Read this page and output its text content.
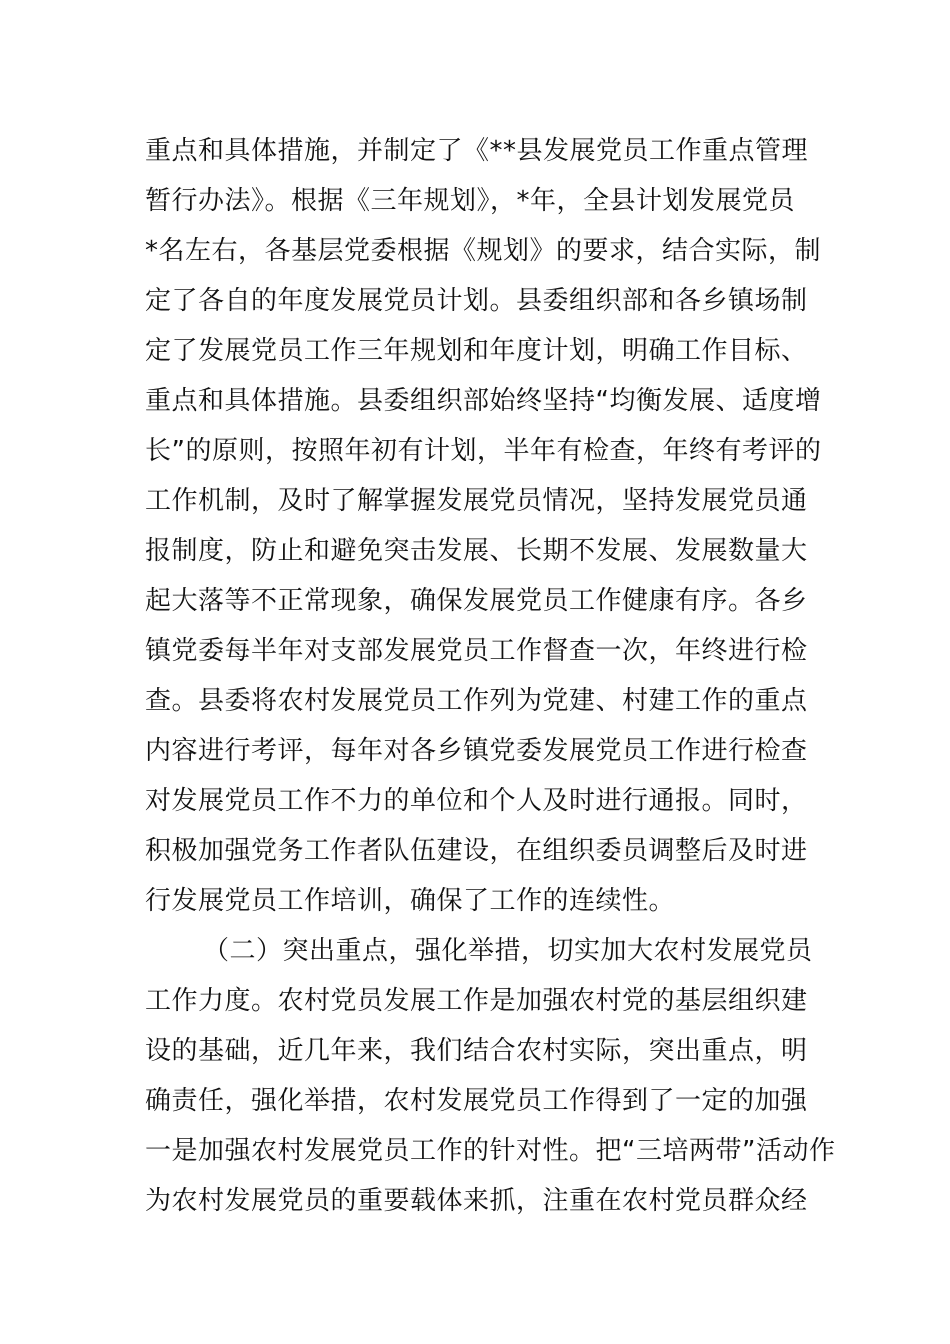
重点和具体措施，并制定了《**县发展党员工作重点管理
暂行办法》。根据《三年规划》，*年，全县计划发展党员
*名左右，各基层党委根据《规划》的要求，结合实际，制
定了各自的年度发展党员计划。县委组织部和各乡镇场制
定了发展党员工作三年规划和年度计划，明确工作目标、
重点和具体措施。县委组织部始终坚持“均衡发展、适度增
长”的原则，按照年初有计划，半年有检查，年终有考评的
工作机制，及时了解掌握发展党员情况，坚持发展党员通
报制度，防止和避免突击发展、长期不发展、发展数量大
起大落等不正常现象，确保发展党员工作健康有序。各乡
镇党委每半年对支部发展党员工作督查一次，年终进行检
查。县委将农村发展党员工作列为党建、村建工作的重点
内容进行考评，每年对各乡镇党委发展党员工作进行检查
对发展党员工作不力的单位和个人及时进行通报。同时，
积极加强党务工作者队伍建设，在组织委员调整后及时进
行发展党员工作培训，确保了工作的连续性。
（二）突出重点，强化举措，切实加大农村发展党员
工作力度。农村党员发展工作是加强农村党的基层组织建
设的基础，近几年来，我们结合农村实际，突出重点，明
确责任，强化举措，农村发展党员工作得到了一定的加强
一是加强农村发展党员工作的针对性。把“三培两带”活动作
为农村发展党员的重要载体来抓，注重在农村党员群众经
